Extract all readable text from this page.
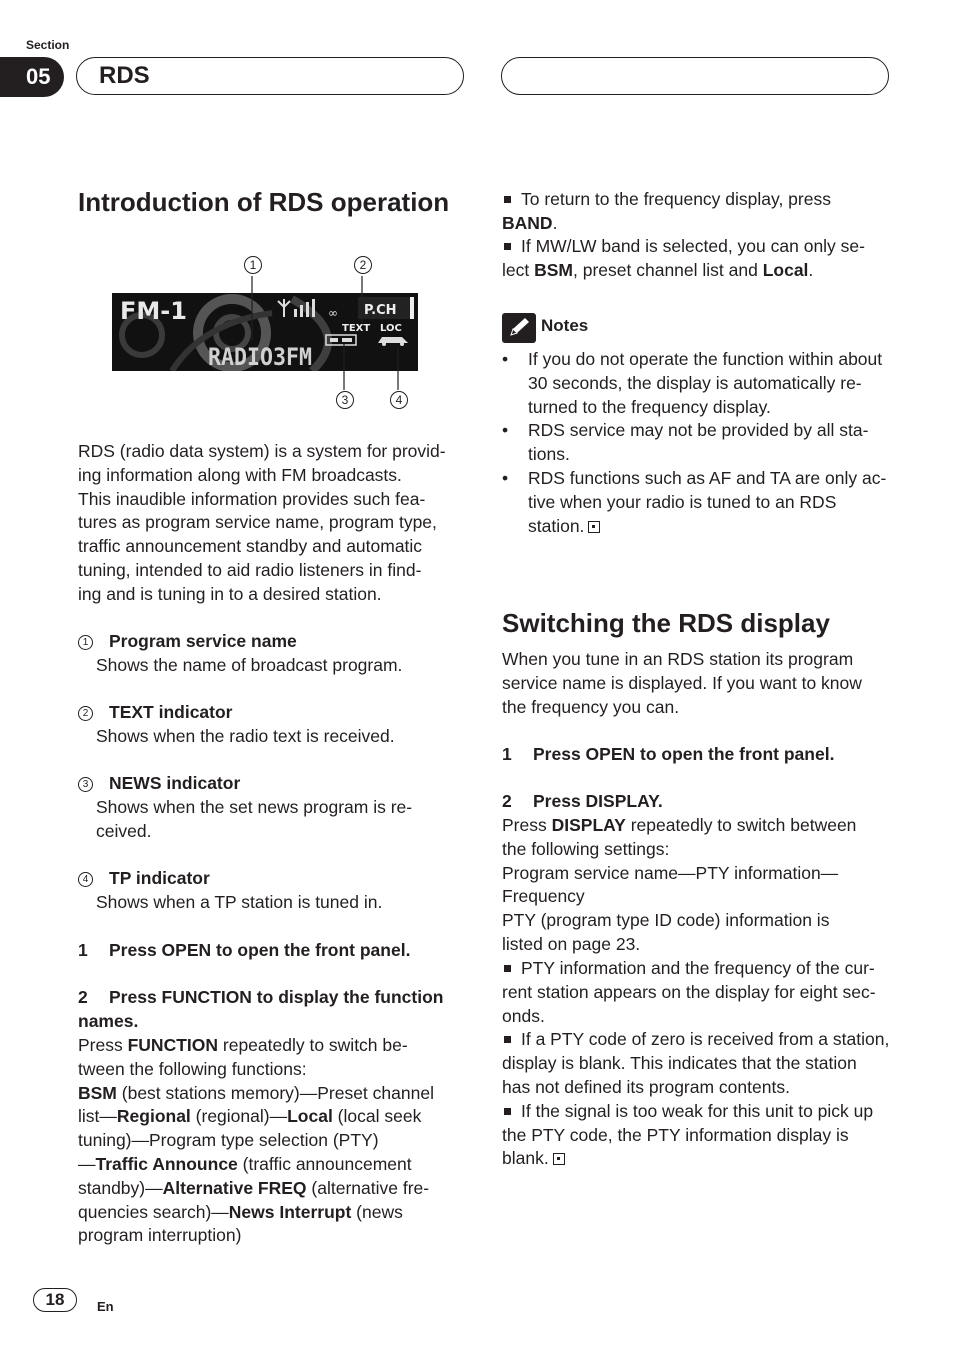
Section
05	RDS
Introduction of RDS operation
1	2
3	4
FM-1
RADIO3FM
∞ P.CH
TEXT LOC

RDS (radio data system) is a system for provid-

ing information along with FM broadcasts.

This inaudible information provides such fea-

tures as program service name, program type,

traffic announcement standby and automatic

tuning, intended to aid radio listeners in find-

ing and is tuning in to a desired station.

1 Program service name

Shows the name of broadcast program.

2 TEXT indicator

Shows when the radio text is received.

3 NEWS indicator

Shows when the set news program is re-

ceived.

4 TP indicator

Shows when a TP station is tuned in.

1 Press OPEN to open the front panel.

2 Press FUNCTION to display the function

names.

Press FUNCTION repeatedly to switch be-

tween the following functions:

BSM (best stations memory)—Preset channel

list—Regional (regional)—Local (local seek

tuning)—Program type selection (PTY)

—Traffic Announce (traffic announcement

standby)—Alternative FREQ (alternative fre-

quencies search)—News Interrupt (news

program interruption)

To return to the frequency display, press

BAND.

If MW/LW band is selected, you can only se-

lect BSM, preset channel list and Local.

Notes

• If you do not operate the function within about

30 seconds, the display is automatically re-

turned to the frequency display.

• RDS service may not be provided by all sta-

tions.

• RDS functions such as AF and TA are only ac-

tive when your radio is tuned to an RDS

station.

Switching the RDS display

When you tune in an RDS station its program

service name is displayed. If you want to know

the frequency you can.

1 Press OPEN to open the front panel.
2 Press DISPLAY.

Press DISPLAY repeatedly to switch between

the following settings:

Program service name—PTY information—

Frequency

PTY (program type ID code) information is

listed on page 23.

PTY information and the frequency of the cur-

rent station appears on the display for eight sec-

onds.

If a PTY code of zero is received from a station,

display is blank. This indicates that the station

has not defined its program contents.

If the signal is too weak for this unit to pick up

the PTY code, the PTY information display is

blank.

18	En
